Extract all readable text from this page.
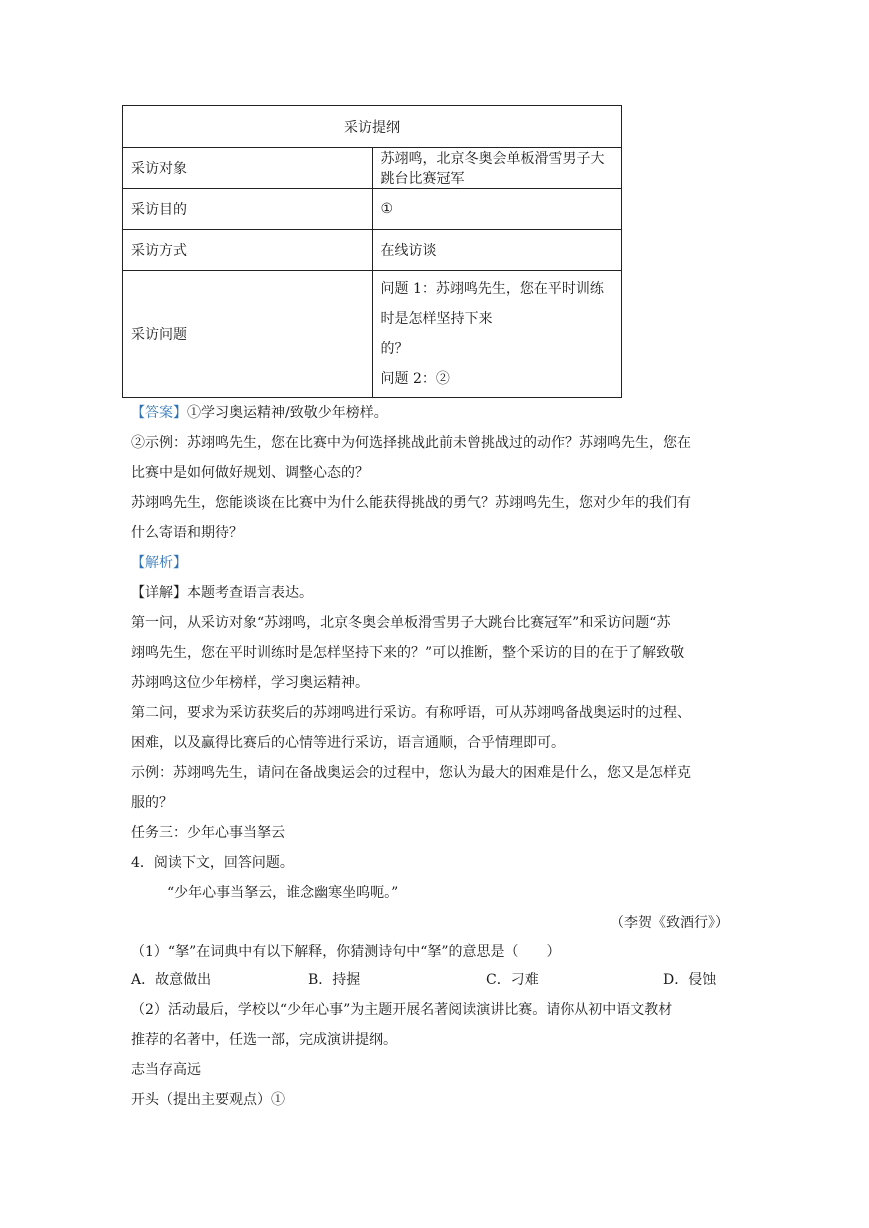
采访提纲	
采访对象	苏翊鸣，北京冬奥会单板滑雪男子大跳台比赛冠军
采访目的	①
采访方式	在线访谈
采访问题	问题 1：苏翊鸣先生，您在平时训练时是怎样坚持下来
的？
问题 2：②
【答案】①学习奥运精神/致敬少年榜样。
②示例：苏翊鸣先生，您在比赛中为何选择挑战此前未曾挑战过的动作？苏翊鸣先生，您在
比赛中是如何做好规划、调整心态的？
苏翊鸣先生，您能谈谈在比赛中为什么能获得挑战的勇气？苏翊鸣先生，您对少年的我们有
什么寄语和期待？
【解析】
【详解】本题考查语言表达。
第一问，从采访对象“苏翊鸣，北京冬奥会单板滑雪男子大跳台比赛冠军”和采访问题“苏
翊鸣先生，您在平时训练时是怎样坚持下来的？”可以推断，整个采访的目的在于了解致敬
苏翊鸣这位少年榜样，学习奥运精神。
第二问，要求为采访获奖后的苏翊鸣进行采访。有称呼语，可从苏翊鸣备战奥运时的过程、
困难，以及赢得比赛后的心情等进行采访，语言通顺，合乎情理即可。
示例：苏翊鸣先生，请问在备战奥运会的过程中，您认为最大的困难是什么，您又是怎样克
服的？
任务三：少年心事当拏云
4．阅读下文，回答问题。
“少年心事当拏云，谁念幽寒坐呜呃。”
（李贺《致酒行》）
（1）“拏”在词典中有以下解释，你猜测诗句中“拏”的意思是（　　）
A．故意做出	B．持握	C．刁难	D．侵蚀
（2）活动最后，学校以“少年心事”为主题开展名著阅读演讲比赛。请你从初中语文教材
推荐的名著中，任选一部，完成演讲提纲。
志当存高远
开头（提出主要观点）①
